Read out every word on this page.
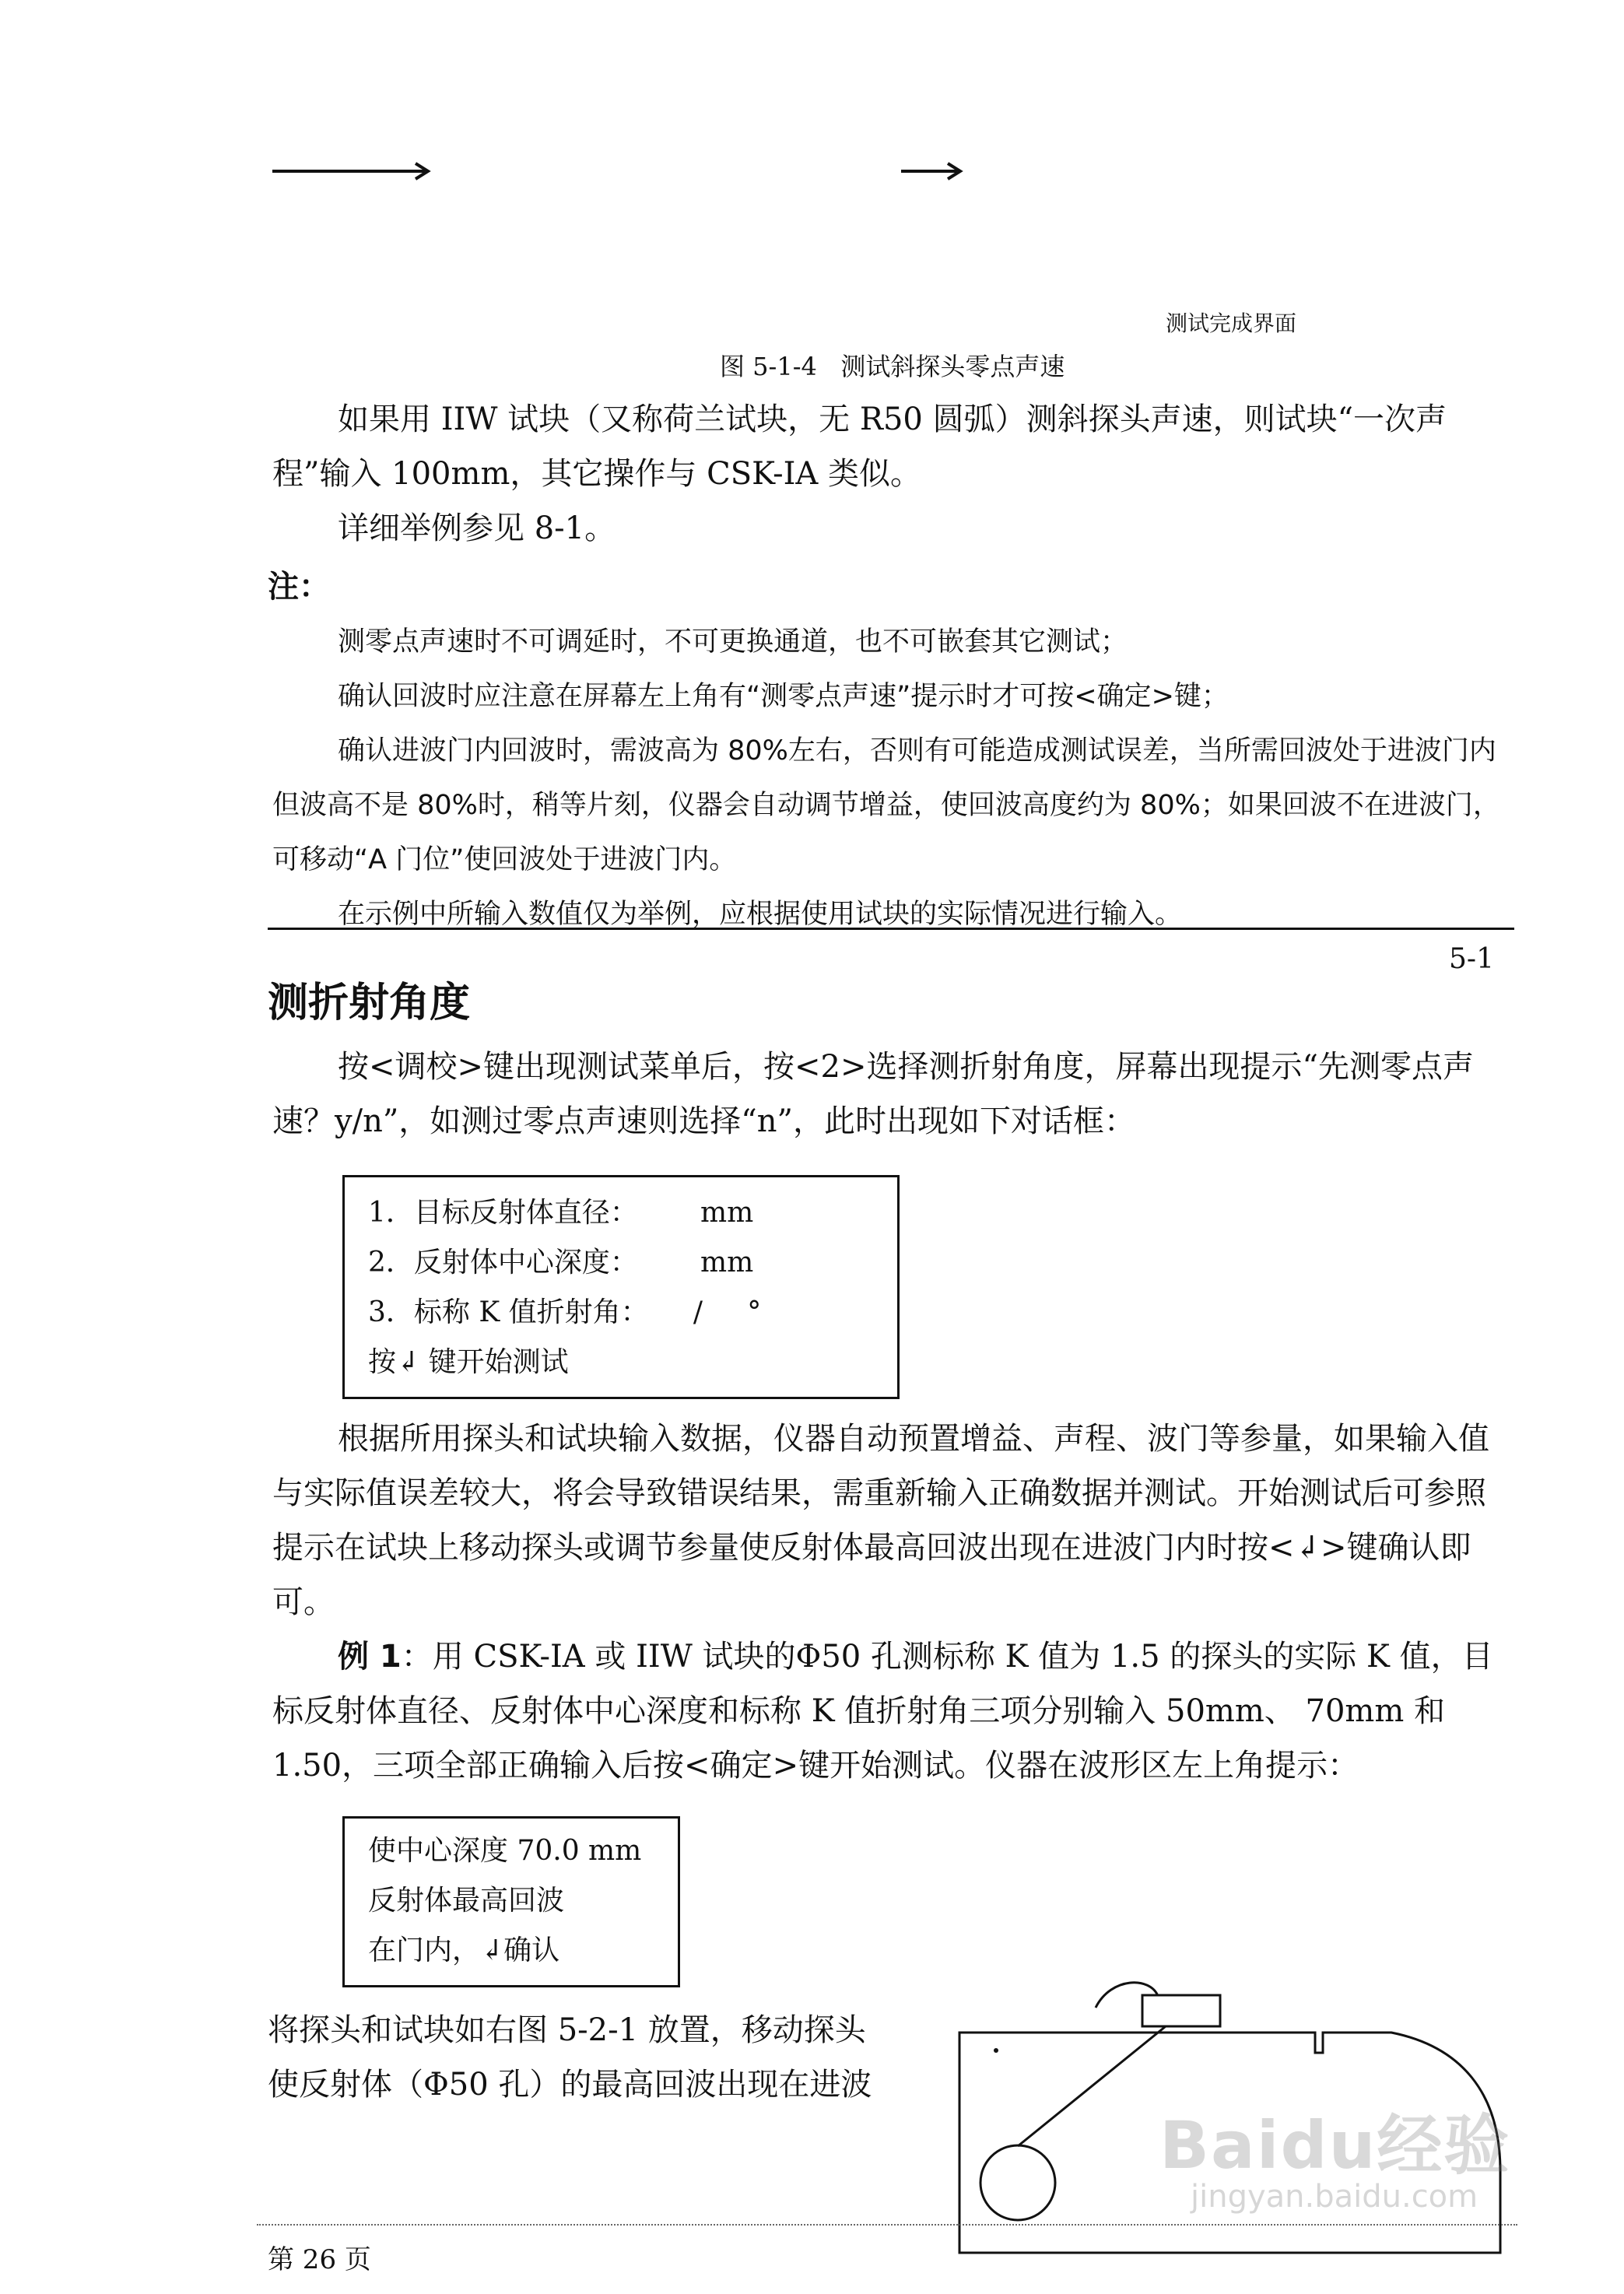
测试完成界面
图 5-1-4   测试斜探头零点声速
如果用 IIW 试块（又称荷兰试块，无 R50 圆弧）测斜探头声速，则试块“一次声程”输入 100mm，其它操作与 CSK-IA 类似。
详细举例参见 8-1。
注：
测零点声速时不可调延时，不可更换通道，也不可嵌套其它测试；
确认回波时应注意在屏幕左上角有“测零点声速”提示时才可按<确定>键；
确认进波门内回波时，需波高为 80%左右，否则有可能造成测试误差，当所需回波处于进波门内但波高不是 80%时，稍等片刻，仪器会自动调节增益，使回波高度约为 80%；如果回波不在进波门，可移动“A 门位”使回波处于进波门内。
在示例中所输入数值仅为举例，应根据使用试块的实际情况进行输入。
5-1
测折射角度
按<调校>键出现测试菜单后，按<2>选择测折射角度，屏幕出现提示“先测零点声速？y/n”，如测过零点声速则选择“n”，此时出现如下对话框：
1．目标反射体直径：       mm
2．反射体中心深度：       mm
3．标称 K 值折射角：     /     °
按↲ 键开始测试
根据所用探头和试块输入数据，仪器自动预置增益、声程、波门等参量，如果输入值与实际值误差较大，将会导致错误结果，需重新输入正确数据并测试。开始测试后可参照提示在试块上移动探头或调节参量使反射体最高回波出现在进波门内时按<↲>键确认即可。
例 1：用 CSK-IA 或 IIW 试块的Φ50 孔测标称 K 值为 1.5 的探头的实际 K 值，目标反射体直径、反射体中心深度和标称 K 值折射角三项分别输入 50mm、 70mm 和 1.50，三项全部正确输入后按<确定>键开始测试。仪器在波形区左上角提示：
使中心深度 70.0 mm
反射体最高回波
在门内，↲确认
将探头和试块如右图 5-2-1 放置，移动探头使反射体（Φ50 孔）的最高回波出现在进波
第 26 页
Baidu经验
jingyan.baidu.com
